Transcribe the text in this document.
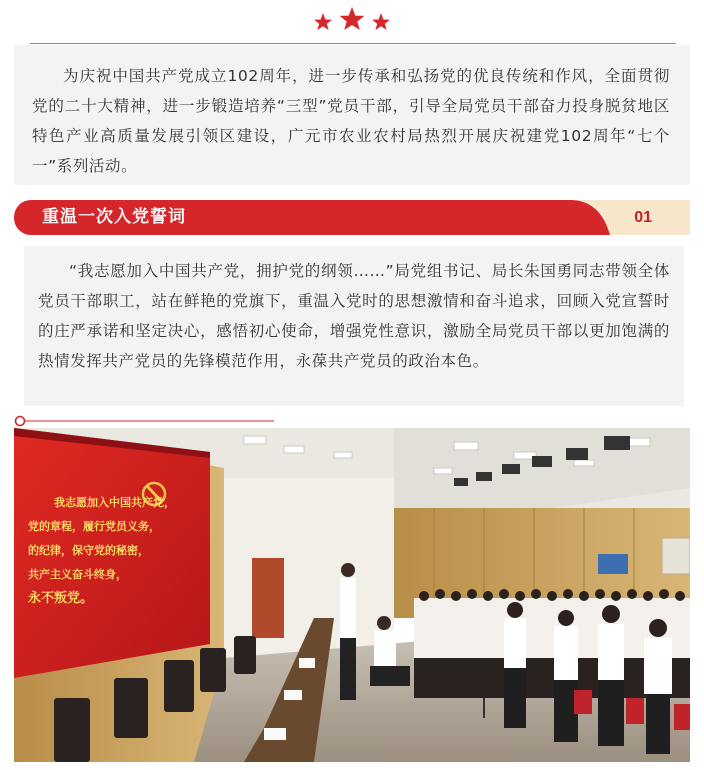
为庆祝中国共产党成立102周年，进一步传承和弘扬党的优良传统和作风，全面贯彻党的二十大精神，进一步锻造培养“三型”党员干部，引导全局党员干部奋力投身脱贫地区特色产业高质量发展引领区建设，广元市农业农村局热烈开展庆祝建党102周年“七个一”系列活动。

重温一次入党誓词	01

“我志愿加入中国共产党，拥护党的纲领……”局党组书记、局长朱国勇同志带领全体党员干部职工，站在鲜艳的党旗下，重温入党时的思想激情和奋斗追求，回顾入党宣誓时的庄严承诺和坚定决心，感悟初心使命，增强党性意识，激励全局党员干部以更加饱满的热情发挥共产党员的先锋模范作用，永葆共产党员的政治本色。

我志愿加入中国共产党，
党的章程，履行党员义务，
的纪律，保守党的秘密，
共产主义奋斗终身，
永不叛党。
